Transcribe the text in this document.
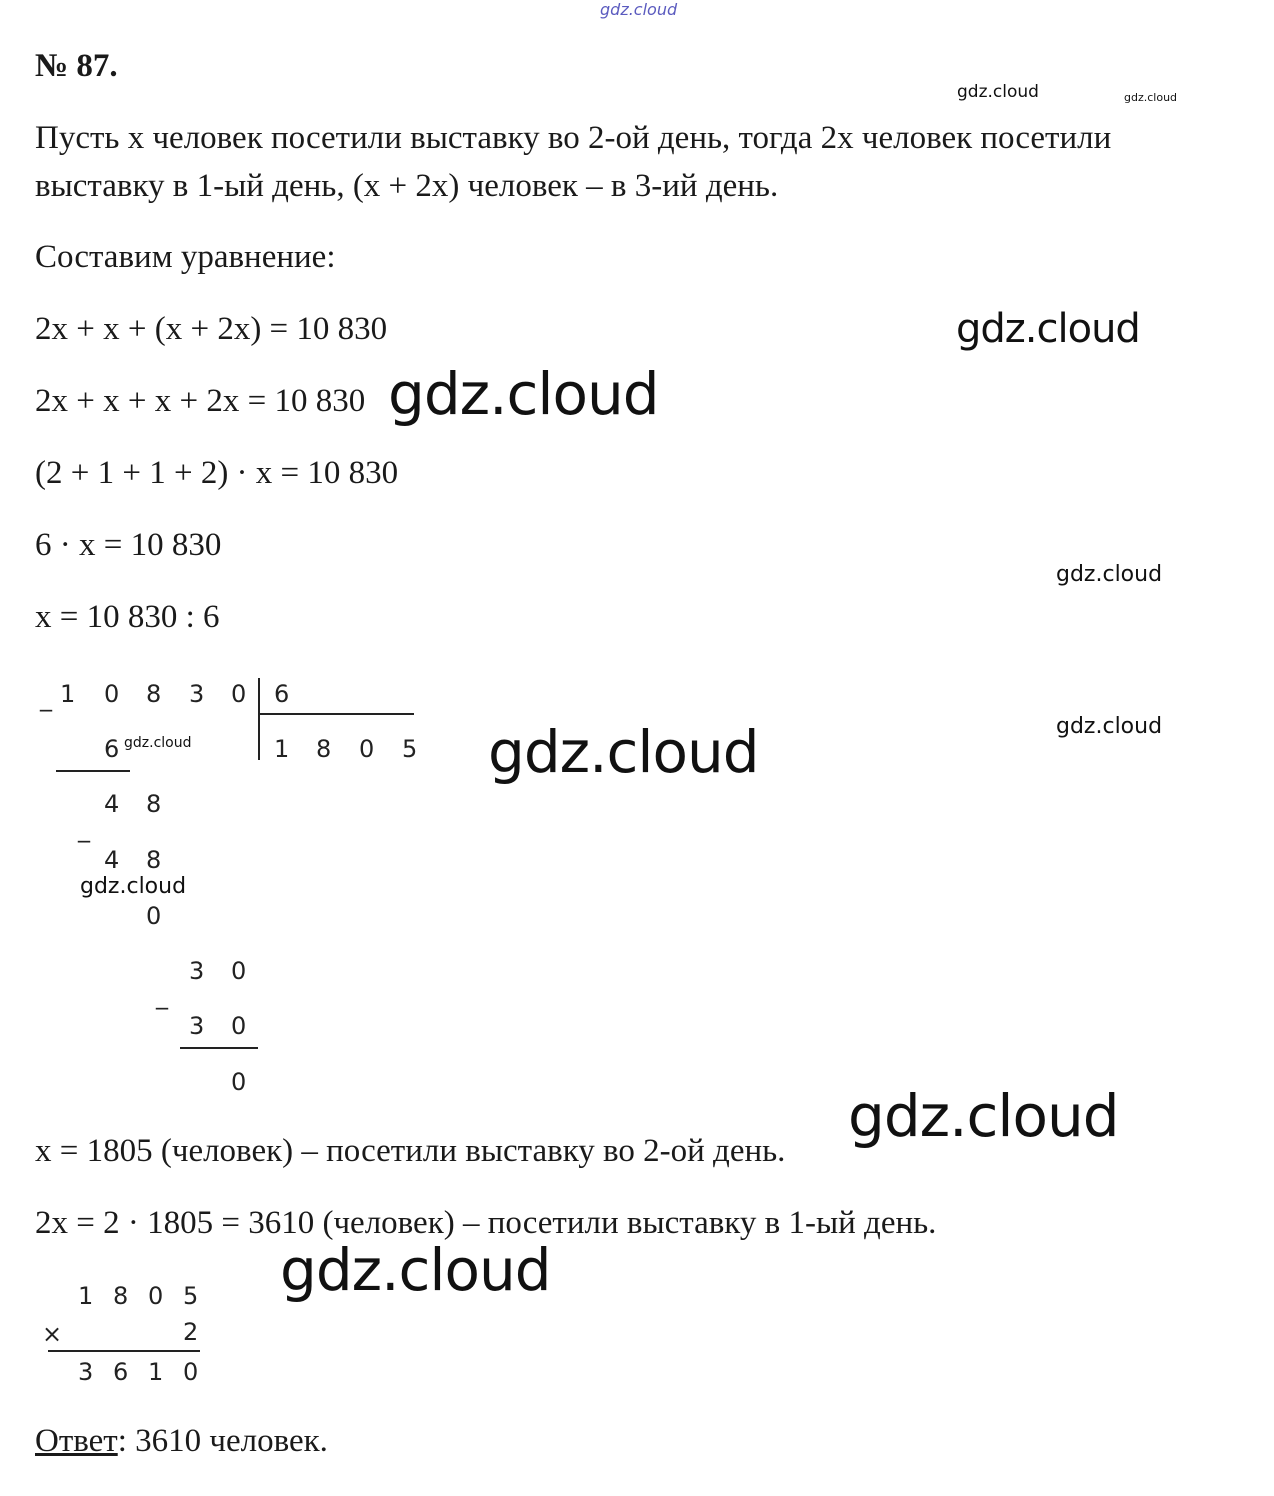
gdz.cloud
№ 87.
gdz.cloud	gdz.cloud
Пусть х человек посетили выставку во 2-ой день, тогда 2х человек посетили
выставку в 1-ый день, (х + 2х) человек – в 3-ий день.
Составим уравнение:
2х + х + (х + 2х) = 10 830	gdz.cloud
2х + х + х + 2х = 10 830 gdz.cloud
(2 + 1 + 1 + 2) · х = 10 830
6 · х = 10 830
gdz.cloud
х = 10 830 : 6
_ 1 0 8 3 0 6
1 8 0 5
6 gdz.cloud
4 8
_
4 8
gdz.cloud
0
3 0
_
3 0
0
gdz.cloud	gdz.cloud
gdz.cloud
х = 1805 (человек) – посетили выставку во 2-ой день.
2х = 2 · 1805 = 3610 (человек) – посетили выставку в 1-ый день.
gdz.cloud
1 8 0 5
×	2
3 6 1 0
Ответ: 3610 человек.
